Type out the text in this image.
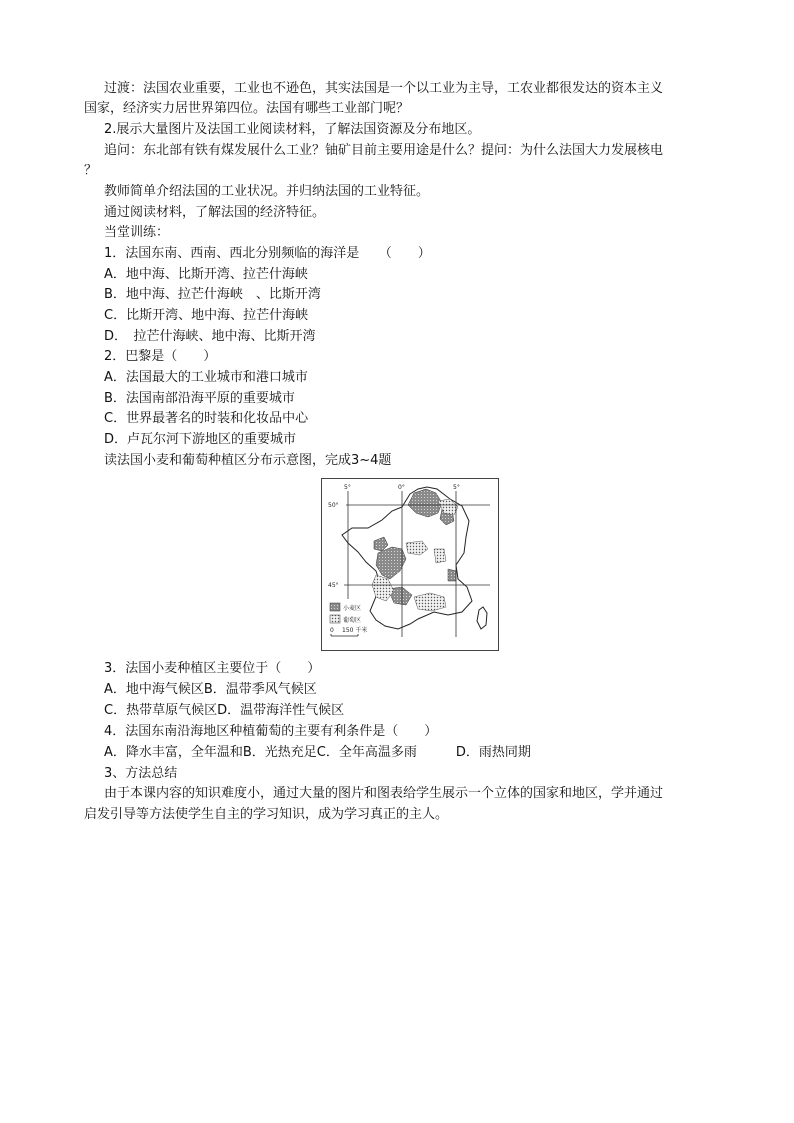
过渡：法国农业重要，工业也不逊色，其实法国是一个以工业为主导，工农业都很发达的资本主义
国家，经济实力居世界第四位。法国有哪些工业部门呢？
2.展示大量图片及法国工业阅读材料，了解法国资源及分布地区。
追问：东北部有铁有煤发展什么工业？铀矿目前主要用途是什么？提问：为什么法国大力发展核电
？
教师简单介绍法国的工业状况。并归纳法国的工业特征。
通过阅读材料，了解法国的经济特征。
当堂训练：
1．法国东南、西南、西北分别频临的海洋是　　（　　）
A．地中海、比斯开湾、拉芒什海峡
B．地中海、拉芒什海峡　、比斯开湾
C．比斯开湾、地中海、拉芒什海峡
D．　拉芒什海峡、地中海、比斯开湾
2．巴黎是（　　）
A．法国最大的工业城市和港口城市
B．法国南部沿海平原的重要城市
C．世界最著名的时装和化妆品中心
D．卢瓦尔河下游地区的重要城市
读法国小麦和葡萄种植区分布示意图，完成3~4题
5°	0°	5°
50°
45°
小麦区
葡萄区
0 150 千米
3．法国小麦种植区主要位于（　　）
A．地中海气候区B．温带季风气候区
C．热带草原气候区D．温带海洋性气候区
4．法国东南沿海地区种植葡萄的主要有利条件是（　　）
A．降水丰富，全年温和B．光热充足C．全年高温多雨　　　D．雨热同期
3、方法总结
由于本课内容的知识难度小，通过大量的图片和图表给学生展示一个立体的国家和地区，学并通过
启发引导等方法使学生自主的学习知识，成为学习真正的主人。
